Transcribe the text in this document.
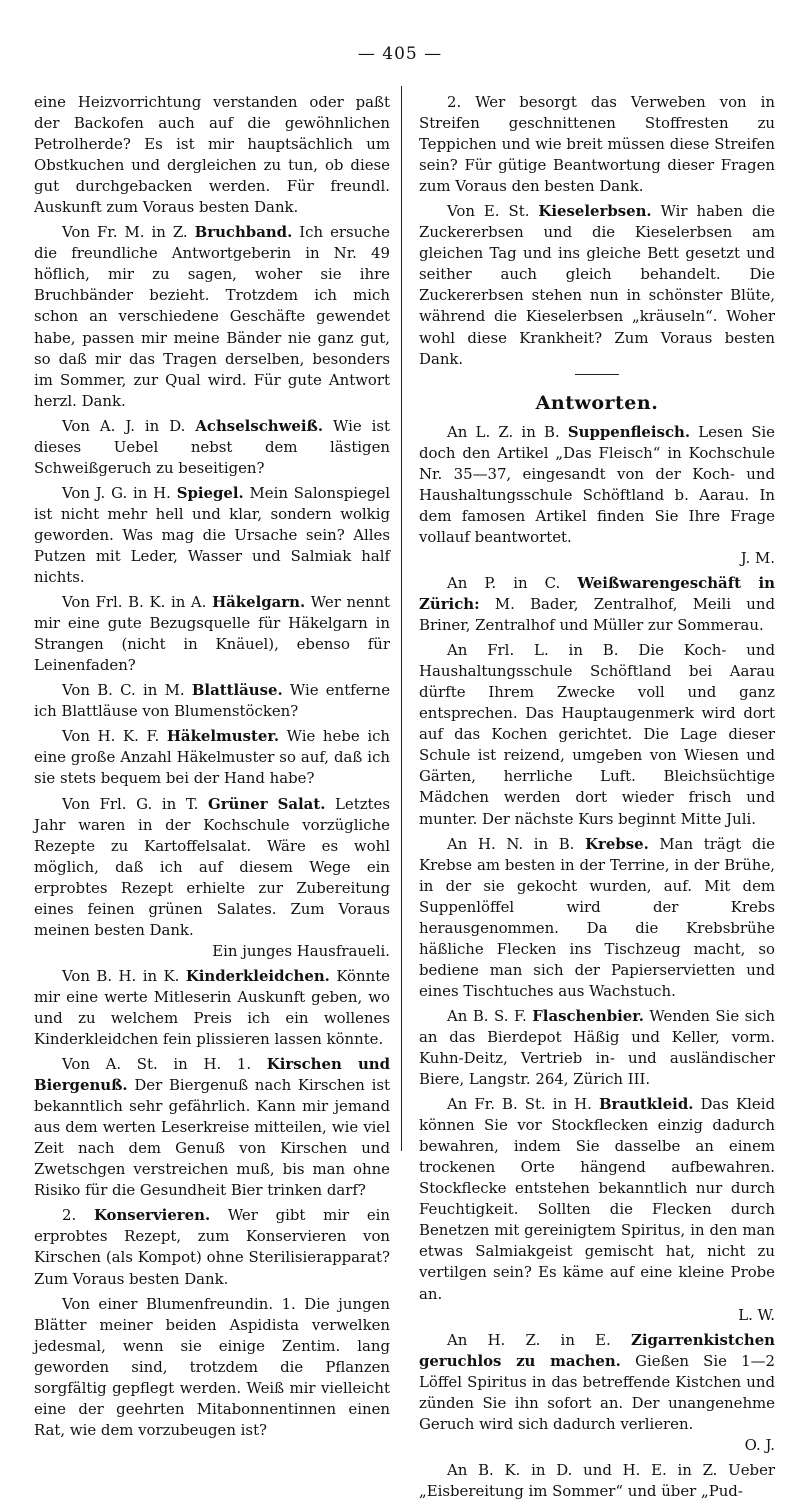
— 405 —

eine Heizvorrichtung verstanden oder paßt der Backofen auch auf die gewöhnlichen Petrolherde? Es ist mir hauptsächlich um Obstkuchen und dergleichen zu tun, ob diese gut durchgebacken werden. Für freundl. Auskunft zum Voraus besten Dank.

Von Fr. M. in Z. Bruchband. Ich ersuche die freundliche Antwortgeberin in Nr. 49 höflich, mir zu sagen, woher sie ihre Bruchbänder bezieht. Trotzdem ich mich schon an verschiedene Geschäfte gewendet habe, passen mir meine Bänder nie ganz gut, so daß mir das Tragen derselben, besonders im Sommer, zur Qual wird. Für gute Antwort herzl. Dank.

Von A. J. in D. Achselschweiß. Wie ist dieses Uebel nebst dem lästigen Schweißgeruch zu beseitigen?

Von J. G. in H. Spiegel. Mein Salonspiegel ist nicht mehr hell und klar, sondern wolkig geworden. Was mag die Ursache sein? Alles Putzen mit Leder, Wasser und Salmiak half nichts.

Von Frl. B. K. in A. Häkelgarn. Wer nennt mir eine gute Bezugsquelle für Häkelgarn in Strangen (nicht in Knäuel), ebenso für Leinenfaden?

Von B. C. in M. Blattläuse. Wie entferne ich Blattläuse von Blumenstöcken?

Von H. K. F. Häkelmuster. Wie hebe ich eine große Anzahl Häkelmuster so auf, daß ich sie stets bequem bei der Hand habe?

Von Frl. G. in T. Grüner Salat. Letztes Jahr waren in der Kochschule vorzügliche Rezepte zu Kartoffelsalat. Wäre es wohl möglich, daß ich auf diesem Wege ein erprobtes Rezept erhielte zur Zubereitung eines feinen grünen Salates. Zum Voraus meinen besten Dank.
Ein junges Hausfraueli.

Von B. H. in K. Kinderkleidchen. Könnte mir eine werte Mitleserin Auskunft geben, wo und zu welchem Preis ich ein wollenes Kinderkleidchen fein plissieren lassen könnte.

Von A. St. in H. 1. Kirschen und Biergenuß. Der Biergenuß nach Kirschen ist bekanntlich sehr gefährlich. Kann mir jemand aus dem werten Leserkreise mitteilen, wie viel Zeit nach dem Genuß von Kirschen und Zwetschgen verstreichen muß, bis man ohne Risiko für die Gesundheit Bier trinken darf?

2. Konservieren. Wer gibt mir ein erprobtes Rezept, zum Konservieren von Kirschen (als Kompot) ohne Sterilisierapparat? Zum Voraus besten Dank.

Von einer Blumenfreundin. 1. Die jungen Blätter meiner beiden Aspidista verwelken jedesmal, wenn sie einige Zentim. lang geworden sind, trotzdem die Pflanzen sorgfältig gepflegt werden. Weiß mir vielleicht eine der geehrten Mitabonnentinnen einen Rat, wie dem vorzubeugen ist?

2. Wer besorgt das Verweben von in Streifen geschnittenen Stoffresten zu Teppichen und wie breit müssen diese Streifen sein? Für gütige Beantwortung dieser Fragen zum Voraus den besten Dank.

Von E. St. Kieselerbsen. Wir haben die Zuckererbsen und die Kieselerbsen am gleichen Tag und ins gleiche Bett gesetzt und seither auch gleich behandelt. Die Zuckererbsen stehen nun in schönster Blüte, während die Kieselerbsen „kräuseln“. Woher wohl diese Krankheit? Zum Voraus besten Dank.

Antworten.

An L. Z. in B. Suppenfleisch. Lesen Sie doch den Artikel „Das Fleisch“ in Kochschule Nr. 35—37, eingesandt von der Koch- und Haushaltungsschule Schöftland b. Aarau. In dem famosen Artikel finden Sie Ihre Frage vollauf beantwortet.
J. M.

An P. in C. Weißwarengeschäft in Zürich: M. Bader, Zentralhof, Meili und Briner, Zentralhof und Müller zur Sommerau.

An Frl. L. in B. Die Koch- und Haushaltungsschule Schöftland bei Aarau dürfte Ihrem Zwecke voll und ganz entsprechen. Das Hauptaugenmerk wird dort auf das Kochen gerichtet. Die Lage dieser Schule ist reizend, umgeben von Wiesen und Gärten, herrliche Luft. Bleichsüchtige Mädchen werden dort wieder frisch und munter. Der nächste Kurs beginnt Mitte Juli.

An H. N. in B. Krebse. Man trägt die Krebse am besten in der Terrine, in der Brühe, in der sie gekocht wurden, auf. Mit dem Suppenlöffel wird der Krebs herausgenommen. Da die Krebsbrühe häßliche Flecken ins Tischzeug macht, so bediene man sich der Papierservietten und eines Tischtuches aus Wachstuch.

An B. S. F. Flaschenbier. Wenden Sie sich an das Bierdepot Häßig und Keller, vorm. Kuhn-Deitz, Vertrieb in- und ausländischer Biere, Langstr. 264, Zürich III.

An Fr. B. St. in H. Brautkleid. Das Kleid können Sie vor Stockflecken einzig dadurch bewahren, indem Sie dasselbe an einem trockenen Orte hängend aufbewahren. Stockflecke entstehen bekanntlich nur durch Feuchtigkeit. Sollten die Flecken durch Benetzen mit gereinigtem Spiritus, in den man etwas Salmiakgeist gemischt hat, nicht zu vertilgen sein? Es käme auf eine kleine Probe an.
L. W.

An H. Z. in E. Zigarrenkistchen geruchlos zu machen. Gießen Sie 1—2 Löffel Spiritus in das betreffende Kistchen und zünden Sie ihn sofort an. Der unangenehme Geruch wird sich dadurch verlieren.
O. J.

An B. K. in D. und H. E. in Z. Ueber „Eisbereitung im Sommer“ und über „Pud-
